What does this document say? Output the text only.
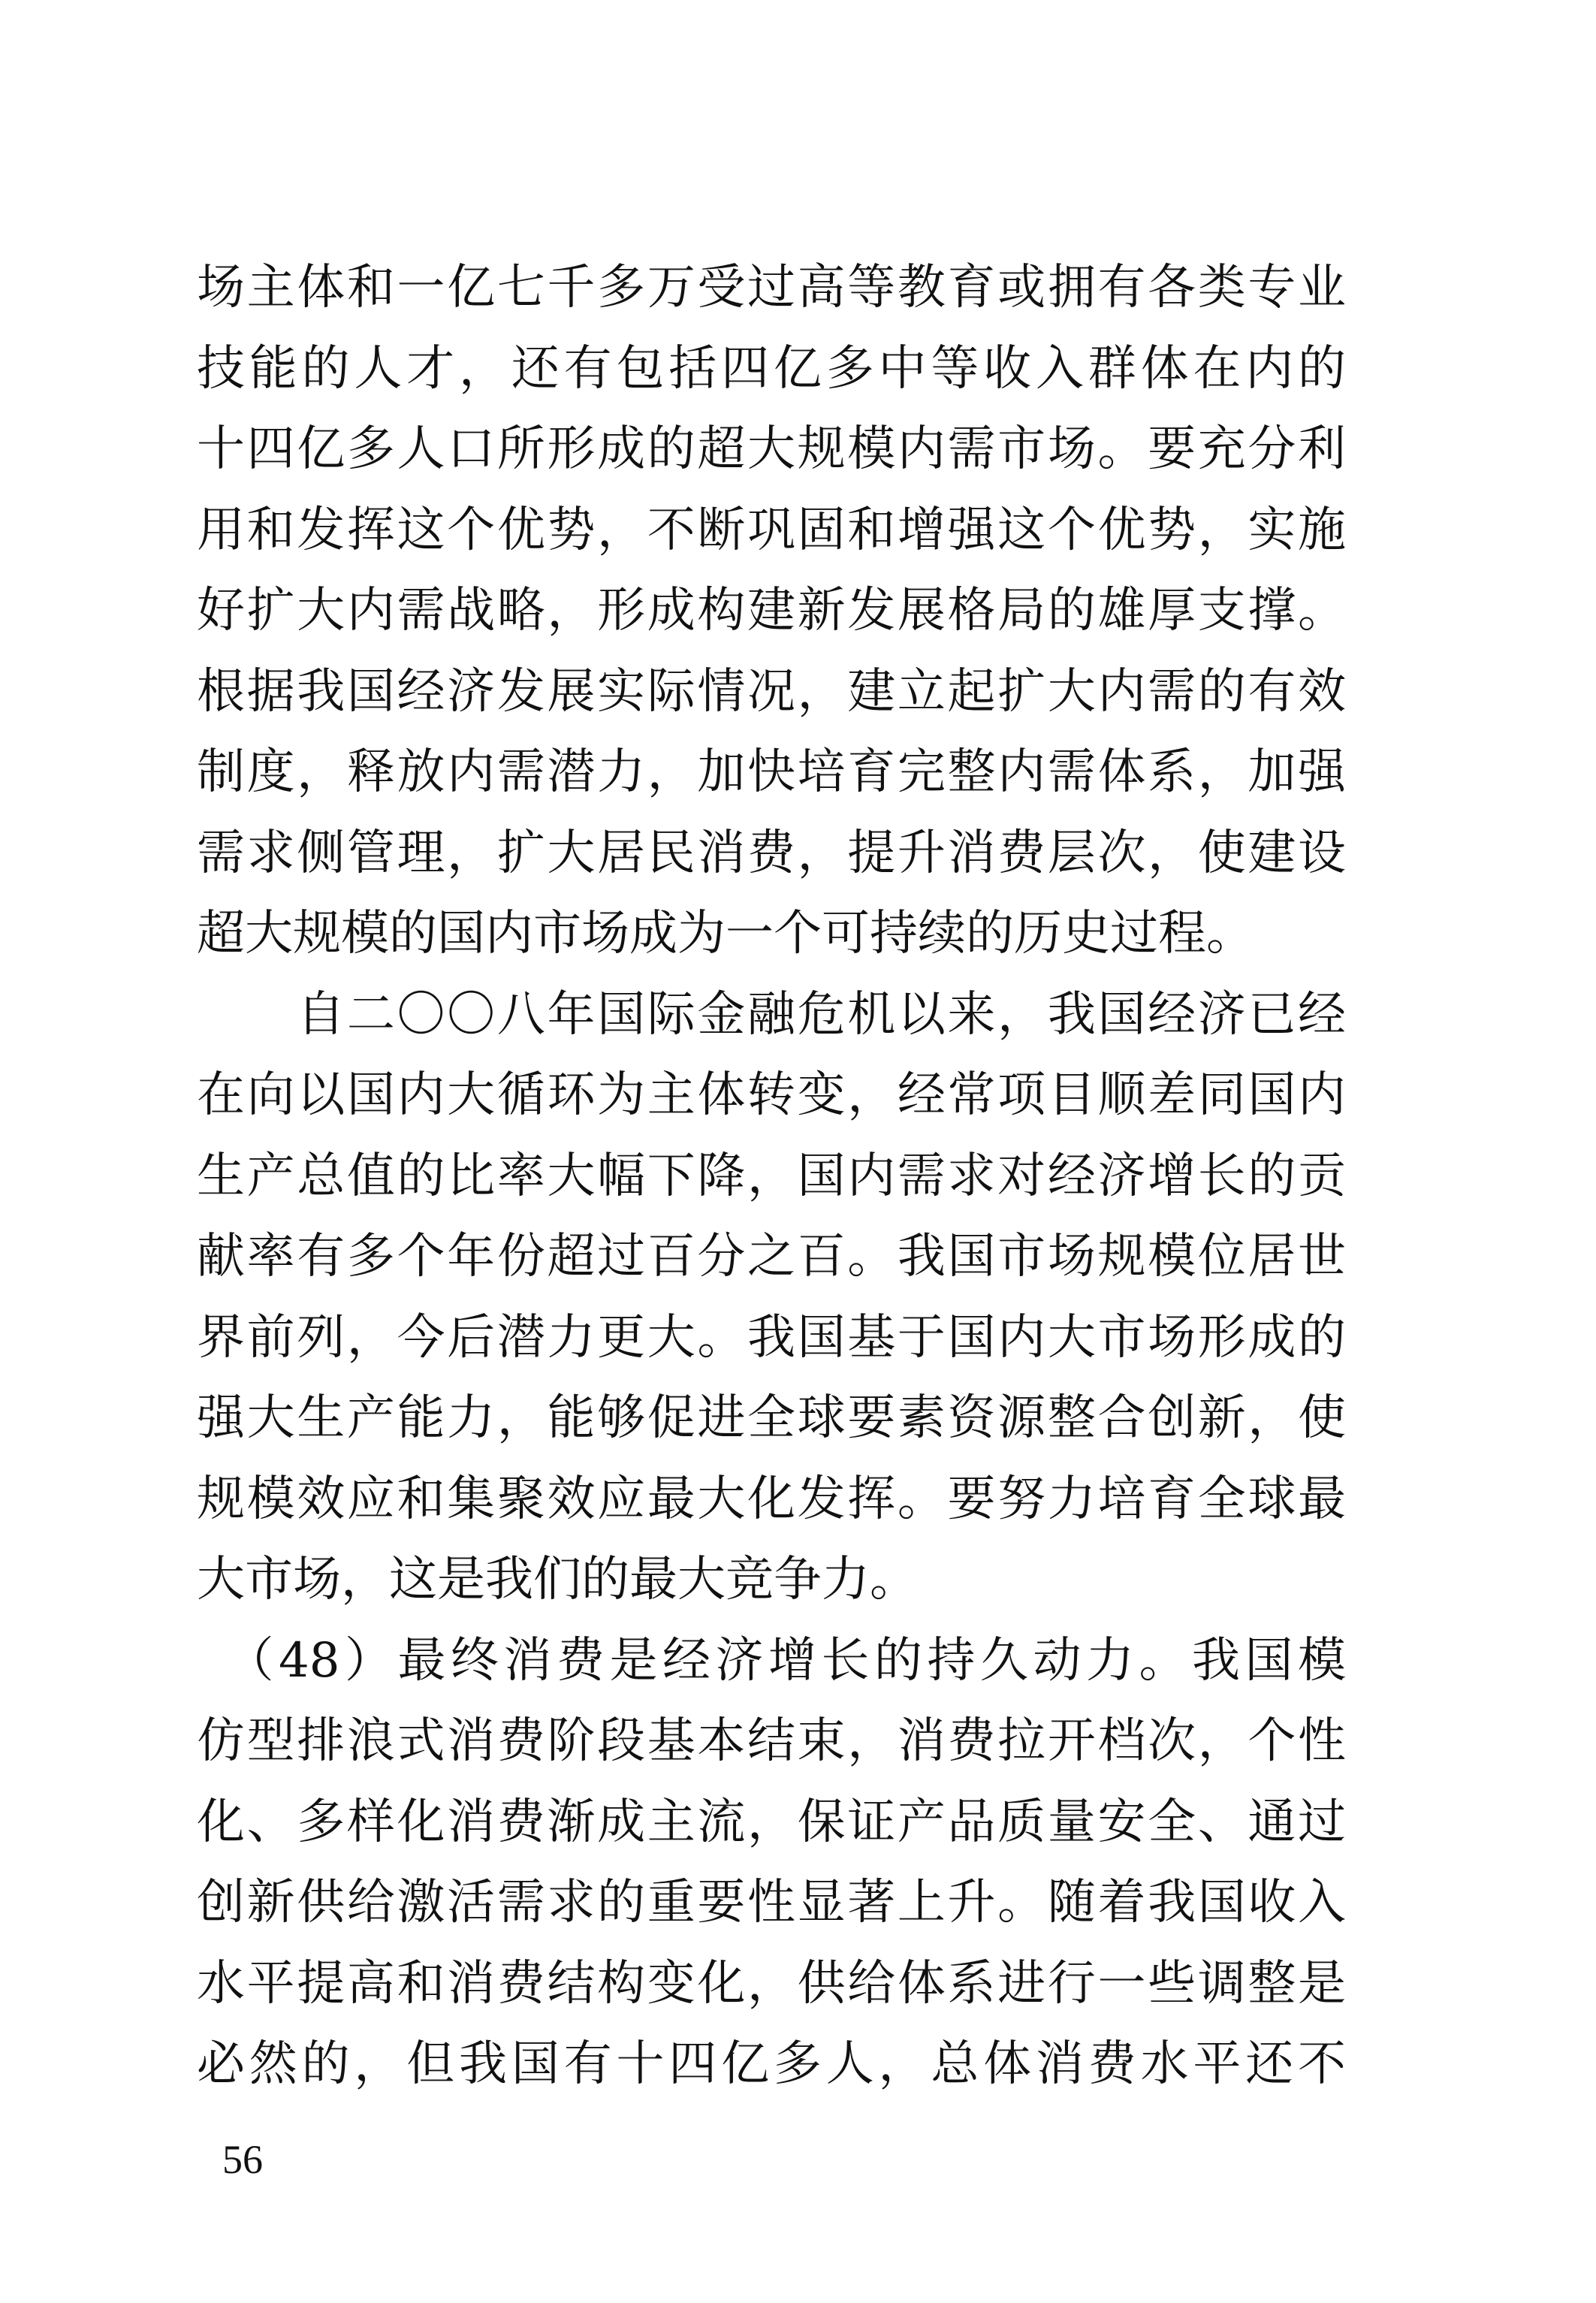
场主体和一亿七千多万受过高等教育或拥有各类专业
技能的人才，还有包括四亿多中等收入群体在内的
十四亿多人口所形成的超大规模内需市场。要充分利
用和发挥这个优势，不断巩固和增强这个优势，实施
好扩大内需战略，形成构建新发展格局的雄厚支撑。
根据我国经济发展实际情况，建立起扩大内需的有效
制度，释放内需潜力，加快培育完整内需体系，加强
需求侧管理，扩大居民消费，提升消费层次，使建设
超大规模的国内市场成为一个可持续的历史过程。
　　自二〇〇八年国际金融危机以来，我国经济已经
在向以国内大循环为主体转变，经常项目顺差同国内
生产总值的比率大幅下降，国内需求对经济增长的贡
献率有多个年份超过百分之百。我国市场规模位居世
界前列，今后潜力更大。我国基于国内大市场形成的
强大生产能力，能够促进全球要素资源整合创新，使
规模效应和集聚效应最大化发挥。要努力培育全球最
大市场，这是我们的最大竞争力。
　（48）最终消费是经济增长的持久动力。我国模
仿型排浪式消费阶段基本结束，消费拉开档次，个性
化、多样化消费渐成主流，保证产品质量安全、通过
创新供给激活需求的重要性显著上升。随着我国收入
水平提高和消费结构变化，供给体系进行一些调整是
必然的，但我国有十四亿多人，总体消费水平还不
56
